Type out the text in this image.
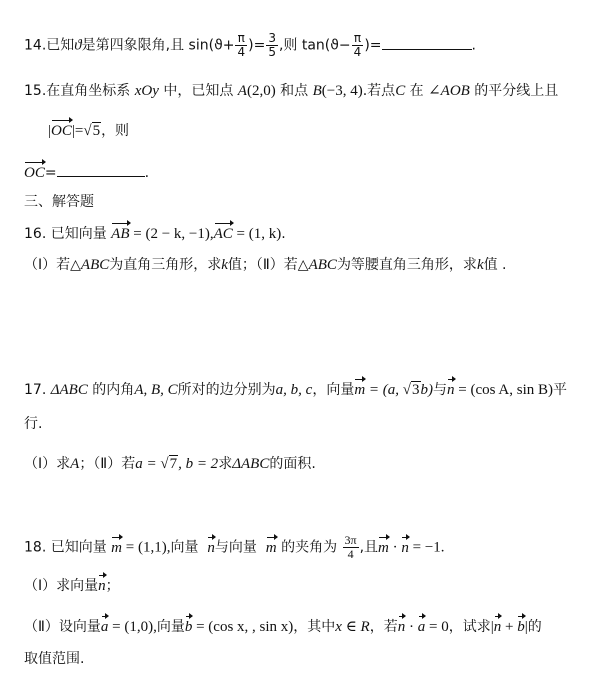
14.已知ϑ是第四象限角,且 $\sin(ϑ+ \frac{\pi}{4}$ )= $\frac{3}{5}$ ,则 $\tan(ϑ- \frac{\pi}{4}$ )=	.
15.在直角坐标系 xOy 中，已知点 A(2,0) 和点 B(−3, 4).若点C 在 ∠AOB 的平分线上且
|OC|=√5，则
OC=	.
三、解答题
16. 已知向量 AB = (2 − k, −1),AC = (1, k).
（Ⅰ）若△ABC为直角三角形，求k值；（Ⅱ）若△ABC为等腰直角三角形，求k值 .
17. ΔABC 的内角A, B, C所对的边分别为a, b, c，向量m = (a, √3b)与n = (cos A, sin B)平
行.
（Ⅰ）求A；（Ⅱ）若a = √7, b = 2求ΔABC的面积.
18. 已知向量 m = (1,1),向量 n与向量 m 的夹角为 $\frac{3\pi}{4}$ ,且m · n = −1.
（Ⅰ）求向量n；
（Ⅱ）设向量a = (1,0),向量b = (cos x, , sin x)，其中x ∈ R，若n · a = 0，试求|n + b|的
取值范围.
